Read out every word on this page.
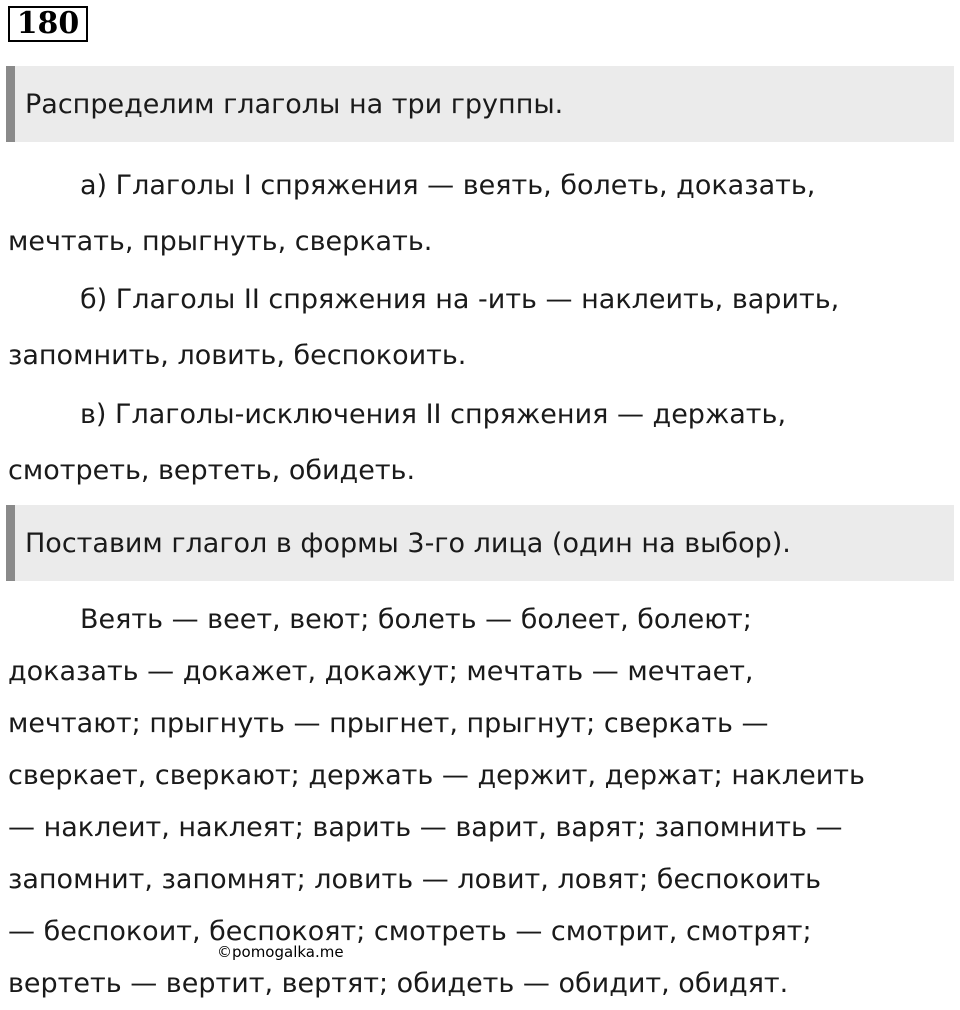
180
Распределим глаголы на три группы.

а) Глаголы I спряжения — веять, болеть, доказать,
мечтать, прыгнуть, сверкать.

б) Глаголы II спряжения на -ить — наклеить, варить,
запомнить, ловить, беспокоить.

в) Глаголы-исключения II спряжения — держать,
смотреть, вертеть, обидеть.

Поставим глагол в формы 3-го лица (один на выбор).

Веять — веет, веют; болеть — болеет, болеют;
доказать — докажет, докажут; мечтать — мечтает,
мечтают; прыгнуть — прыгнет, прыгнут; сверкать —
сверкает, сверкают; держать — держит, держат; наклеить
— наклеит, наклеят; варить — варит, варят; запомнить —
запомнит, запомнят; ловить — ловит, ловят; беспокоить
— беспокоит, беспокоят; смотреть — смотрит, смотрят;
вертеть — вертит, вертят; обидеть — обидит, обидят.

©pomogalka.me
